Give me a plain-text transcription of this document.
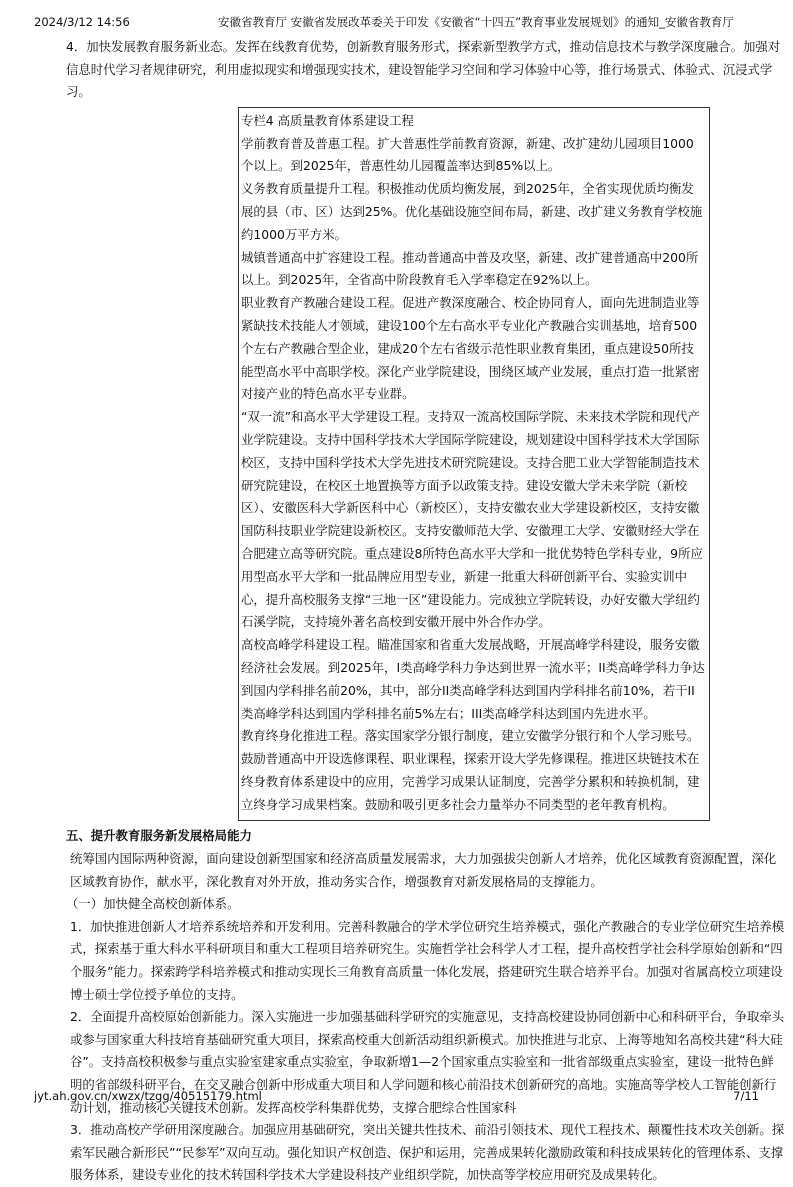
2024/3/12 14:56	安徽省教育厅 安徽省发展改革委关于印发《安徽省“十四五”教育事业发展规划》的通知_安徽省教育厅

4．加快发展教育服务新业态。发挥在线教育优势，创新教育服务形式，探索新型教学方式，推动信息技术与教学深度融合。加强对信息时代学习者规律研究，利用虚拟现实和增强现实技术，建设智能学习空间和学习体验中心等，推行场景式、体验式、沉浸式学习。

专栏4 高质量教育体系建设工程

学前教育普及普惠工程。扩大普惠性学前教育资源，新建、改扩建幼儿园项目1000个以上。到2025年，普惠性幼儿园覆盖率达到85%以上。

义务教育质量提升工程。积极推动优质均衡发展，到2025年，全省实现优质均衡发展的县（市、区）达到25%。优化基础设施空间布局，新建、改扩建义务教育学校施约1000万平方米。

城镇普通高中扩容建设工程。推动普通高中普及攻坚，新建、改扩建普通高中200所以上。到2025年，全省高中阶段教育毛入学率稳定在92%以上。

职业教育产教融合建设工程。促进产教深度融合、校企协同育人，面向先进制造业等紧缺技术技能人才领域，建设100个左右高水平专业化产教融合实训基地，培育500个左右产教融合型企业，建成20个左右省级示范性职业教育集团，重点建设50所技能型高水平中高职学校。深化产业学院建设，围绕区域产业发展，重点打造一批紧密对接产业的特色高水平专业群。

“双一流”和高水平大学建设工程。支持双一流高校国际学院、未来技术学院和现代产业学院建设。支持中国科学技术大学国际学院建设，规划建设中国科学技术大学国际校区，支持中国科学技术大学先进技术研究院建设。支持合肥工业大学智能制造技术研究院建设，在校区土地置换等方面予以政策支持。建设安徽大学未来学院（新校区）、安徽医科大学新医科中心（新校区），支持安徽农业大学建设新校区，支持安徽国防科技职业学院建设新校区。支持安徽师范大学、安徽理工大学、安徽财经大学在合肥建立高等研究院。重点建设8所特色高水平大学和一批优势特色学科专业，9所应用型高水平大学和一批品牌应用型专业，新建一批重大科研创新平台、实验实训中心，提升高校服务支撑“三地一区”建设能力。完成独立学院转设，办好安徽大学纽约石溪学院，支持境外著名高校到安徽开展中外合作办学。

高校高峰学科建设工程。瞄准国家和省重大发展战略，开展高峰学科建设，服务安徽经济社会发展。到2025年，I类高峰学科力争达到世界一流水平；II类高峰学科力争达到国内学科排名前20%，其中，部分II类高峰学科达到国内学科排名前10%，若干II类高峰学科达到国内学科排名前5%左右；III类高峰学科达到国内先进水平。

教育终身化推进工程。落实国家学分银行制度，建立安徽学分银行和个人学习账号。鼓励普通高中开设选修课程、职业课程，探索开设大学先修课程。推进区块链技术在终身教育体系建设中的应用，完善学习成果认证制度，完善学分累积和转换机制，建立终身学习成果档案。鼓励和吸引更多社会力量举办不同类型的老年教育机构。

五、提升教育服务新发展格局能力

统筹国内国际两种资源，面向建设创新型国家和经济高质量发展需求，大力加强拔尖创新人才培养，优化区域教育资源配置，深化区域教育协作，献水平，深化教育对外开放，推动务实合作，增强教育对新发展格局的支撑能力。

（一）加快健全高校创新体系。

1．加快推进创新人才培养系统培养和开发利用。完善科教融合的学术学位研究生培养模式，强化产教融合的专业学位研究生培养模式，探索基于重大科水平科研项目和重大工程项目培养研究生。实施哲学社会科学人才工程，提升高校哲学社会科学原始创新和“四个服务”能力。探索跨学科培养模式和推动实现长三角教育高质量一体化发展，搭建研究生联合培养平台。加强对省属高校立项建设博士硕士学位授予单位的支持。

2．全面提升高校原始创新能力。深入实施进一步加强基础科学研究的实施意见，支持高校建设协同创新中心和科研平台，争取牵头或参与国家重大科技培育基础研究重大项目，探索高校重大创新活动组织新模式。加快推进与北京、上海等地知名高校共建“科大硅谷”。支持高校积极参与重点实验室建家重点实验室，争取新增1—2个国家重点实验室和一批省部级重点实验室，建设一批特色鲜明的省部级科研平台，在交叉融合创新中形成重大项目和人学问题和核心前沿技术创新研究的高地。实施高等学校人工智能创新行动计划，推动核心关键技术创新。发挥高校学科集群优势，支撑合肥综合性国家科

3．推动高校产学研用深度融合。加强应用基础研究，突出关键共性技术、前沿引领技术、现代工程技术、颠覆性技术攻关创新。探索军民融合新形民”“民参军”双向互动。强化知识产权创造、保护和运用，完善成果转化激励政策和科技成果转化的管理体系、支撑服务体系，建设专业化的技术转国科学技术大学建设科技产业组织学院，加快高等学校应用研究及成果转化。

jyt.ah.gov.cn/xwzx/tzgg/40515179.html	7/11
